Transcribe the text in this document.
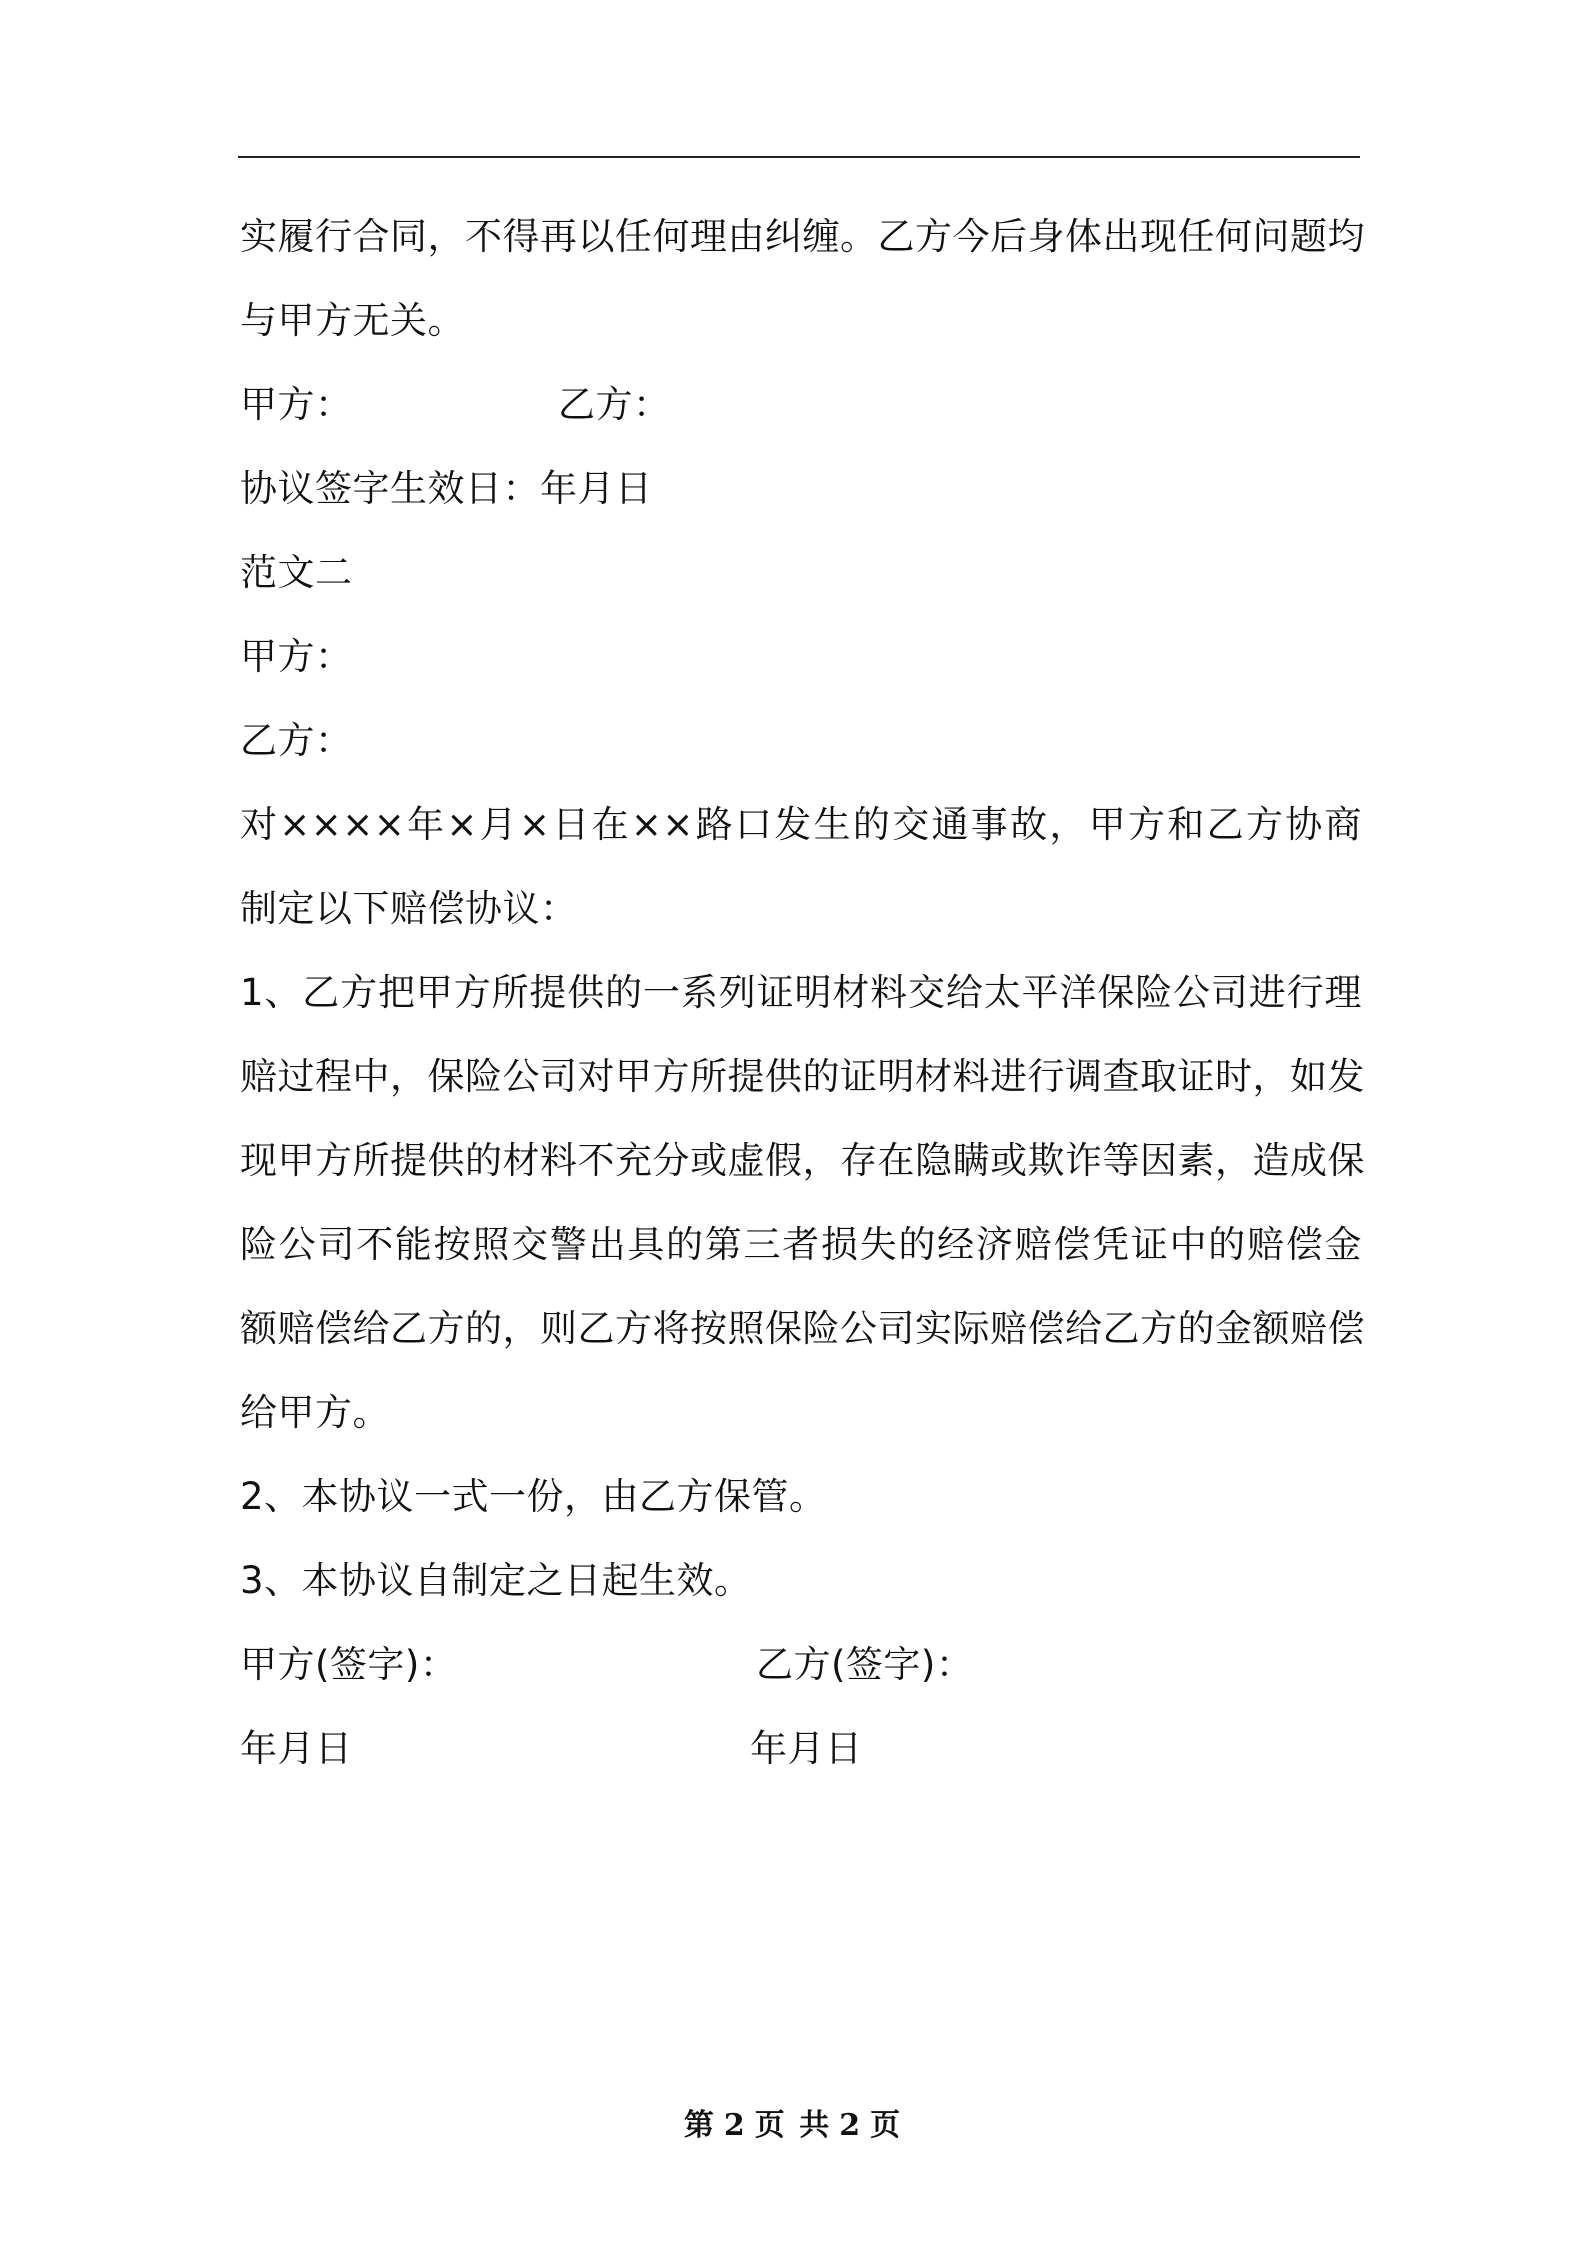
实履行合同，不得再以任何理由纠缠。乙方今后身体出现任何问题均
与甲方无关。
甲方：	乙方：
协议签字生效日：年月日
范文二
甲方：
乙方：
对××××年×月×日在××路口发生的交通事故，甲方和乙方协商
制定以下赔偿协议：
1、乙方把甲方所提供的一系列证明材料交给太平洋保险公司进行理
赔过程中，保险公司对甲方所提供的证明材料进行调查取证时，如发
现甲方所提供的材料不充分或虚假，存在隐瞒或欺诈等因素，造成保
险公司不能按照交警出具的第三者损失的经济赔偿凭证中的赔偿金
额赔偿给乙方的，则乙方将按照保险公司实际赔偿给乙方的金额赔偿
给甲方。
2、本协议一式一份，由乙方保管。
3、本协议自制定之日起生效。
甲方(签字)：	乙方(签字)：
年月日	年月日
第 2 页 共 2 页
